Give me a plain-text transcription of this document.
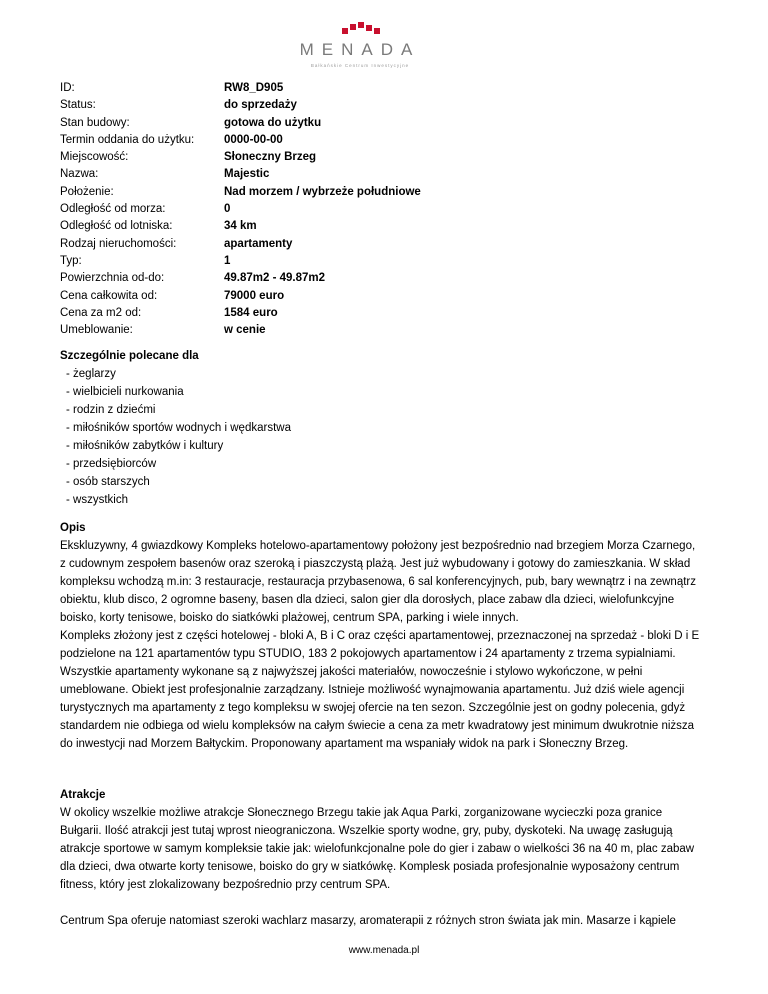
MENADA
Bałkańskie Centrum Inwestycyjne
ID:	RW8_D905
Status:	do sprzedaży
Stan budowy:	gotowa do użytku
Termin oddania do użytku:	0000-00-00
Miejscowość:	Słoneczny Brzeg
Nazwa:	Majestic
Położenie:	Nad morzem / wybrzeże południowe
Odległość od morza:	0
Odległość od lotniska:	34 km
Rodzaj nieruchomości:	apartamenty
Typ:	1
Powierzchnia od-do:	49.87m2 - 49.87m2
Cena całkowita od:	79000 euro
Cena za m2 od:	1584 euro
Umeblowanie:	w cenie
Szczególnie polecane dla
- żeglarzy
- wielbicieli nurkowania
- rodzin z dziećmi
- miłośników sportów wodnych i wędkarstwa
- miłośników zabytków i kultury
- przedsiębiorców
- osób starszych
- wszystkich
Opis
Ekskluzywny, 4 gwiazdkowy Kompleks hotelowo-apartamentowy położony jest bezpośrednio nad brzegiem Morza Czarnego,
z cudownym zespołem basenów oraz szeroką i piaszczystą plażą. Jest już wybudowany i gotowy do zamieszkania. W skład
kompleksu wchodzą m.in: 3 restauracje, restauracja przybasenowa, 6 sal konferencyjnych, pub, bary wewnątrz i na zewnątrz
obiektu, klub disco, 2 ogromne baseny, basen dla dzieci, salon gier dla dorosłych, place zabaw dla dzieci, wielofunkcyjne
boisko, korty tenisowe, boisko do siatkówki plażowej, centrum SPA, parking i wiele innych.
Kompleks złożony jest z części hotelowej - bloki A, B i C oraz części apartamentowej, przeznaczonej na sprzedaż - bloki D i E
podzielone na 121 apartamentów typu STUDIO, 183 2 pokojowych apartamentow i 24 apartamenty z trzema sypialniami.
Wszystkie apartamenty wykonane są z najwyższej jakości materiałów, nowocześnie i stylowo wykończone, w pełni
umeblowane. Obiekt jest profesjonalnie zarządzany. Istnieje możliwość wynajmowania apartamentu. Już dziś wiele agencji
turystycznych ma apartamenty z tego kompleksu w swojej ofercie na ten sezon. Szczególnie jest on godny polecenia, gdyż
standardem nie odbiega od wielu kompleksów na całym świecie a cena za metr kwadratowy jest minimum dwukrotnie niższa
do inwestycji nad Morzem Bałtyckim. Proponowany apartament ma wspaniały widok na park i Słoneczny Brzeg.
Atrakcje
W okolicy wszelkie możliwe atrakcje Słonecznego Brzegu takie jak Aqua Parki, zorganizowane wycieczki poza granice
Bułgarii. Ilość atrakcji jest tutaj wprost nieograniczona. Wszelkie sporty wodne, gry, puby, dyskoteki. Na uwagę zasługują
atrakcje sportowe w samym kompleksie takie jak: wielofunkcjonalne pole do gier i zabaw o wielkości 36 na 40 m, plac zabaw
dla dzieci, dwa otwarte korty tenisowe, boisko do gry w siatkówkę. Komplesk posiada profesjonalnie wyposażony centrum
fitness, który jest zlokalizowany bezpośrednio przy centrum SPA.
Centrum Spa oferuje natomiast szeroki wachlarz masarzy, aromaterapii z różnych stron świata jak min. Masarze i kąpiele
www.menada.pl
